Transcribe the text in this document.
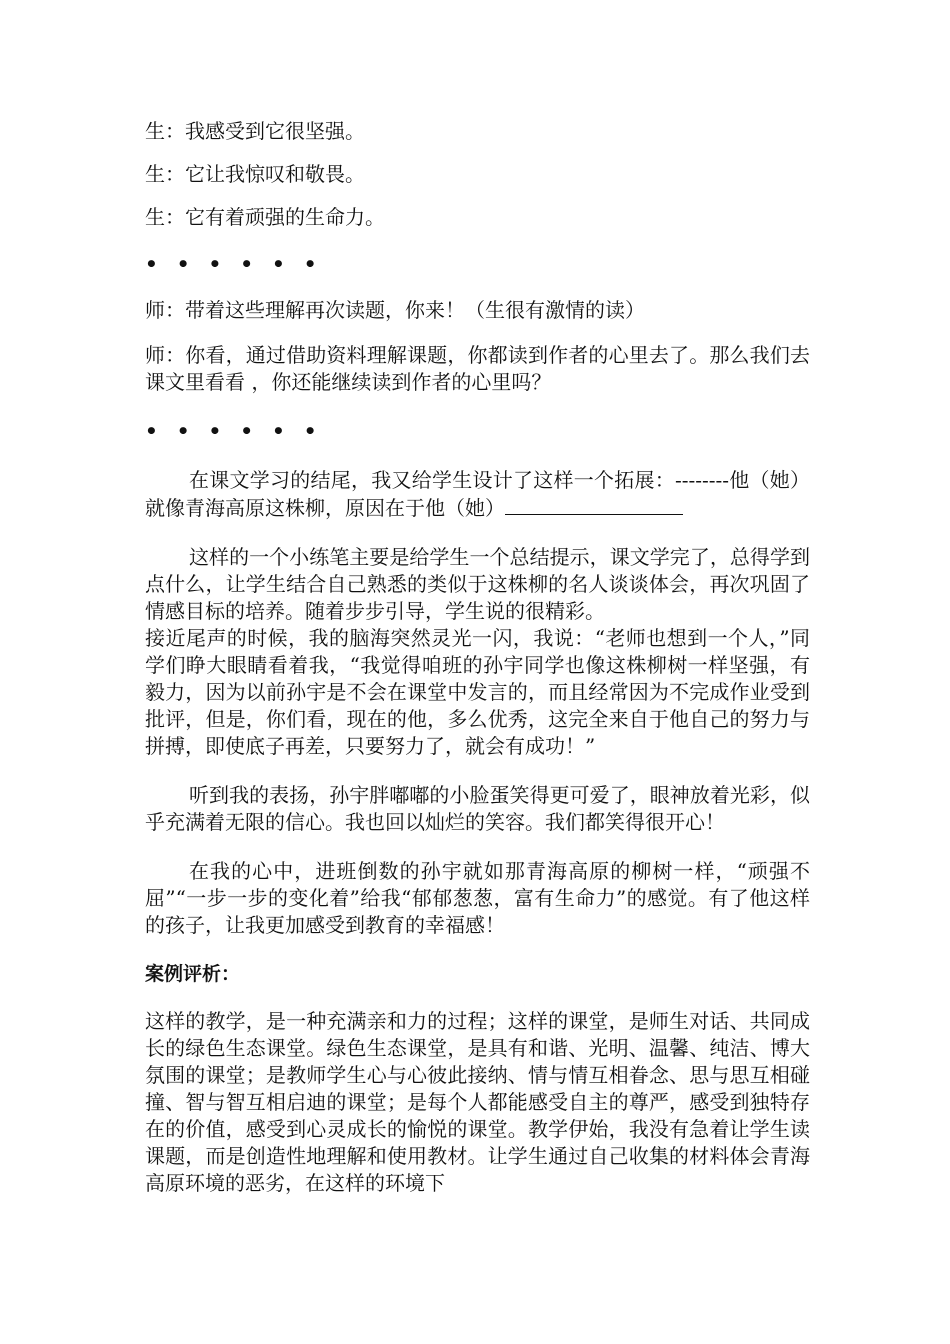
生：我感受到它很坚强。

生：它让我惊叹和敬畏。

生：它有着顽强的生命力。

• • • • • •

师：带着这些理解再次读题，你来！（生很有激情的读）

师：你看，通过借助资料理解课题，你都读到作者的心里去了。那么我们去课文里看看 ，你还能继续读到作者的心里吗？

• • • • • •

在课文学习的结尾，我又给学生设计了这样一个拓展：--------他（她）就像青海高原这株柳，原因在于他（她）

这样的一个小练笔主要是给学生一个总结提示，课文学完了，总得学到点什么，让学生结合自己熟悉的类似于这株柳的名人谈谈体会，再次巩固了情感目标的培养。随着步步引导，学生说的很精彩。

接近尾声的时候，我的脑海突然灵光一闪，我说：“老师也想到一个人，”同学们睁大眼睛看着我，“我觉得咱班的孙宇同学也像这株柳树一样坚强，有毅力，因为以前孙宇是不会在课堂中发言的，而且经常因为不完成作业受到批评，但是，你们看，现在的他，多么优秀，这完全来自于他自己的努力与拼搏，即使底子再差，只要努力了，就会有成功！”

听到我的表扬，孙宇胖嘟嘟的小脸蛋笑得更可爱了，眼神放着光彩，似乎充满着无限的信心。我也回以灿烂的笑容。我们都笑得很开心！

在我的心中，进班倒数的孙宇就如那青海高原的柳树一样，“顽强不屈”“一步一步的变化着”给我“郁郁葱葱，富有生命力”的感觉。有了他这样的孩子，让我更加感受到教育的幸福感！

案例评析：

这样的教学，是一种充满亲和力的过程；这样的课堂，是师生对话、共同成长的绿色生态课堂。绿色生态课堂，是具有和谐、光明、温馨、纯洁、博大氛围的课堂；是教师学生心与心彼此接纳、情与情互相眷念、思与思互相碰撞、智与智互相启迪的课堂；是每个人都能感受自主的尊严，感受到独特存在的价值，感受到心灵成长的愉悦的课堂。教学伊始，我没有急着让学生读课题，而是创造性地理解和使用教材。让学生通过自己收集的材料体会青海高原环境的恶劣，在这样的环境下
